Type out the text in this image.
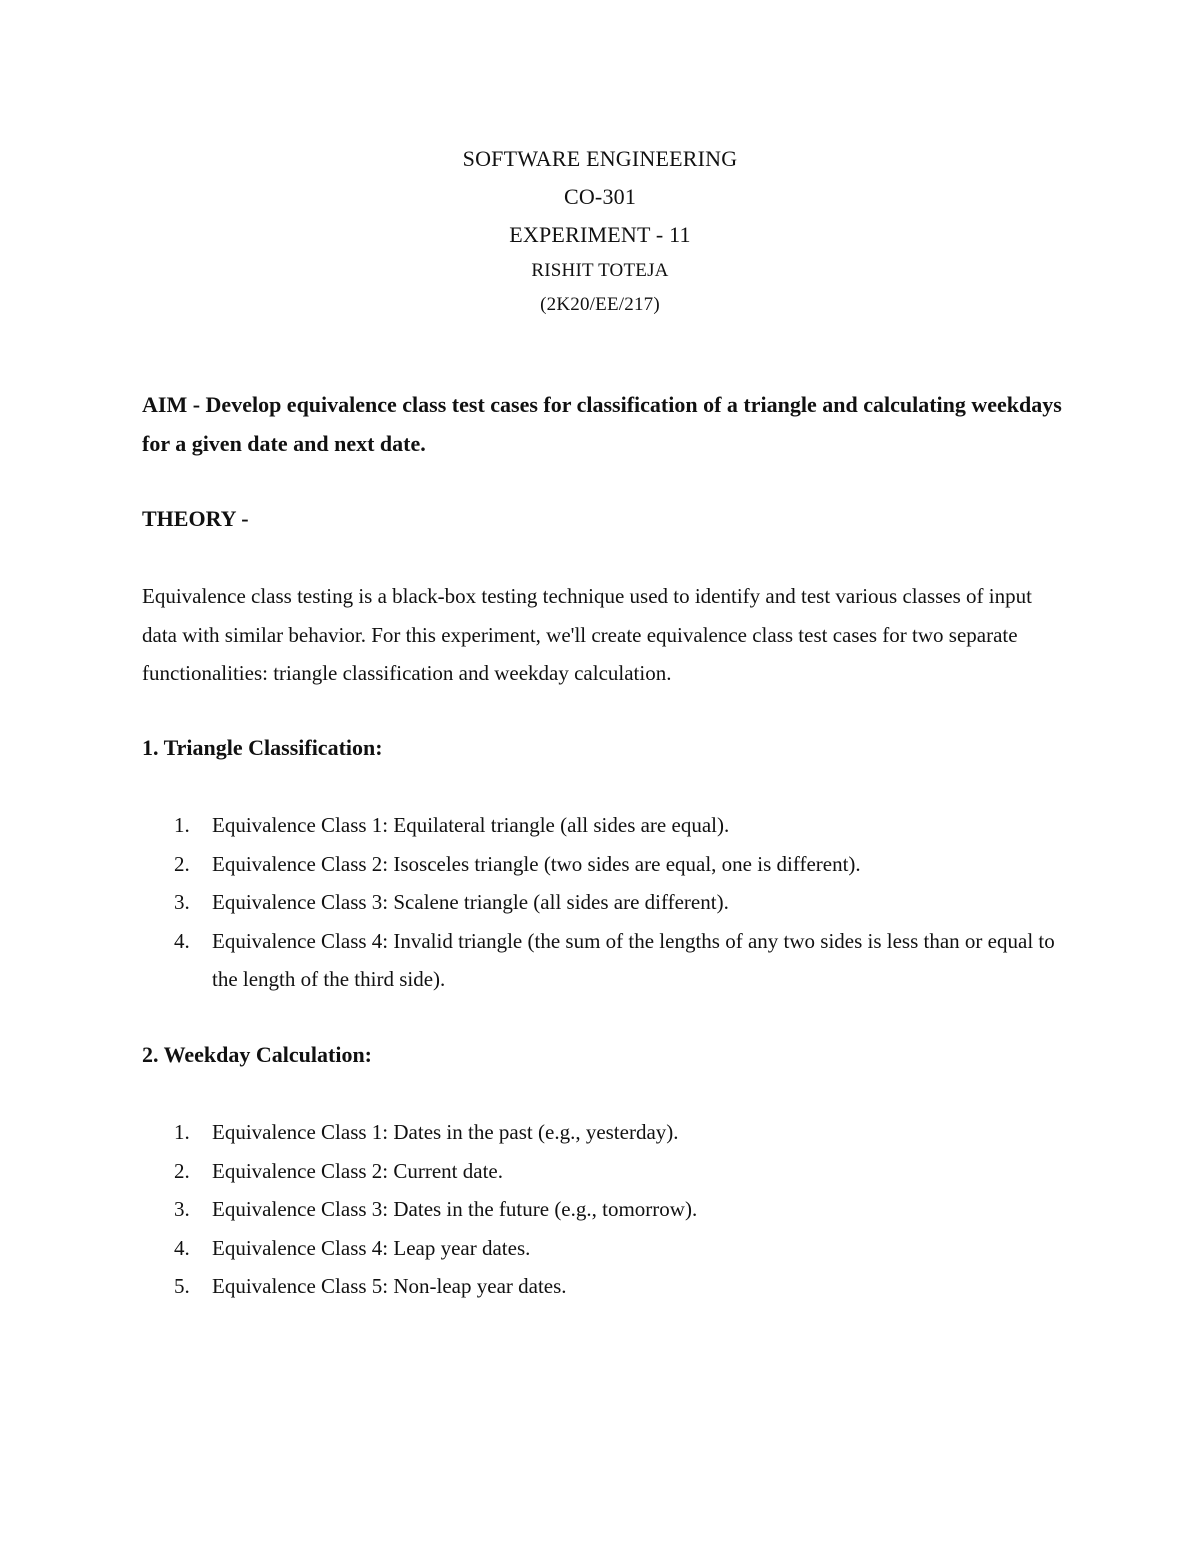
SOFTWARE ENGINEERING
CO-301
EXPERIMENT - 11
RISHIT TOTEJA
(2K20/EE/217)

AIM - Develop equivalence class test cases for classification of a triangle and calculating weekdays for a given date and next date.

THEORY -

Equivalence class testing is a black-box testing technique used to identify and test various classes of input data with similar behavior. For this experiment, we'll create equivalence class test cases for two separate functionalities: triangle classification and weekday calculation.

1. Triangle Classification:

1. Equivalence Class 1: Equilateral triangle (all sides are equal).
2. Equivalence Class 2: Isosceles triangle (two sides are equal, one is different).
3. Equivalence Class 3: Scalene triangle (all sides are different).
4. Equivalence Class 4: Invalid triangle (the sum of the lengths of any two sides is less than or equal to the length of the third side).

2. Weekday Calculation:

1. Equivalence Class 1: Dates in the past (e.g., yesterday).
2. Equivalence Class 2: Current date.
3. Equivalence Class 3: Dates in the future (e.g., tomorrow).
4. Equivalence Class 4: Leap year dates.
5. Equivalence Class 5: Non-leap year dates.
